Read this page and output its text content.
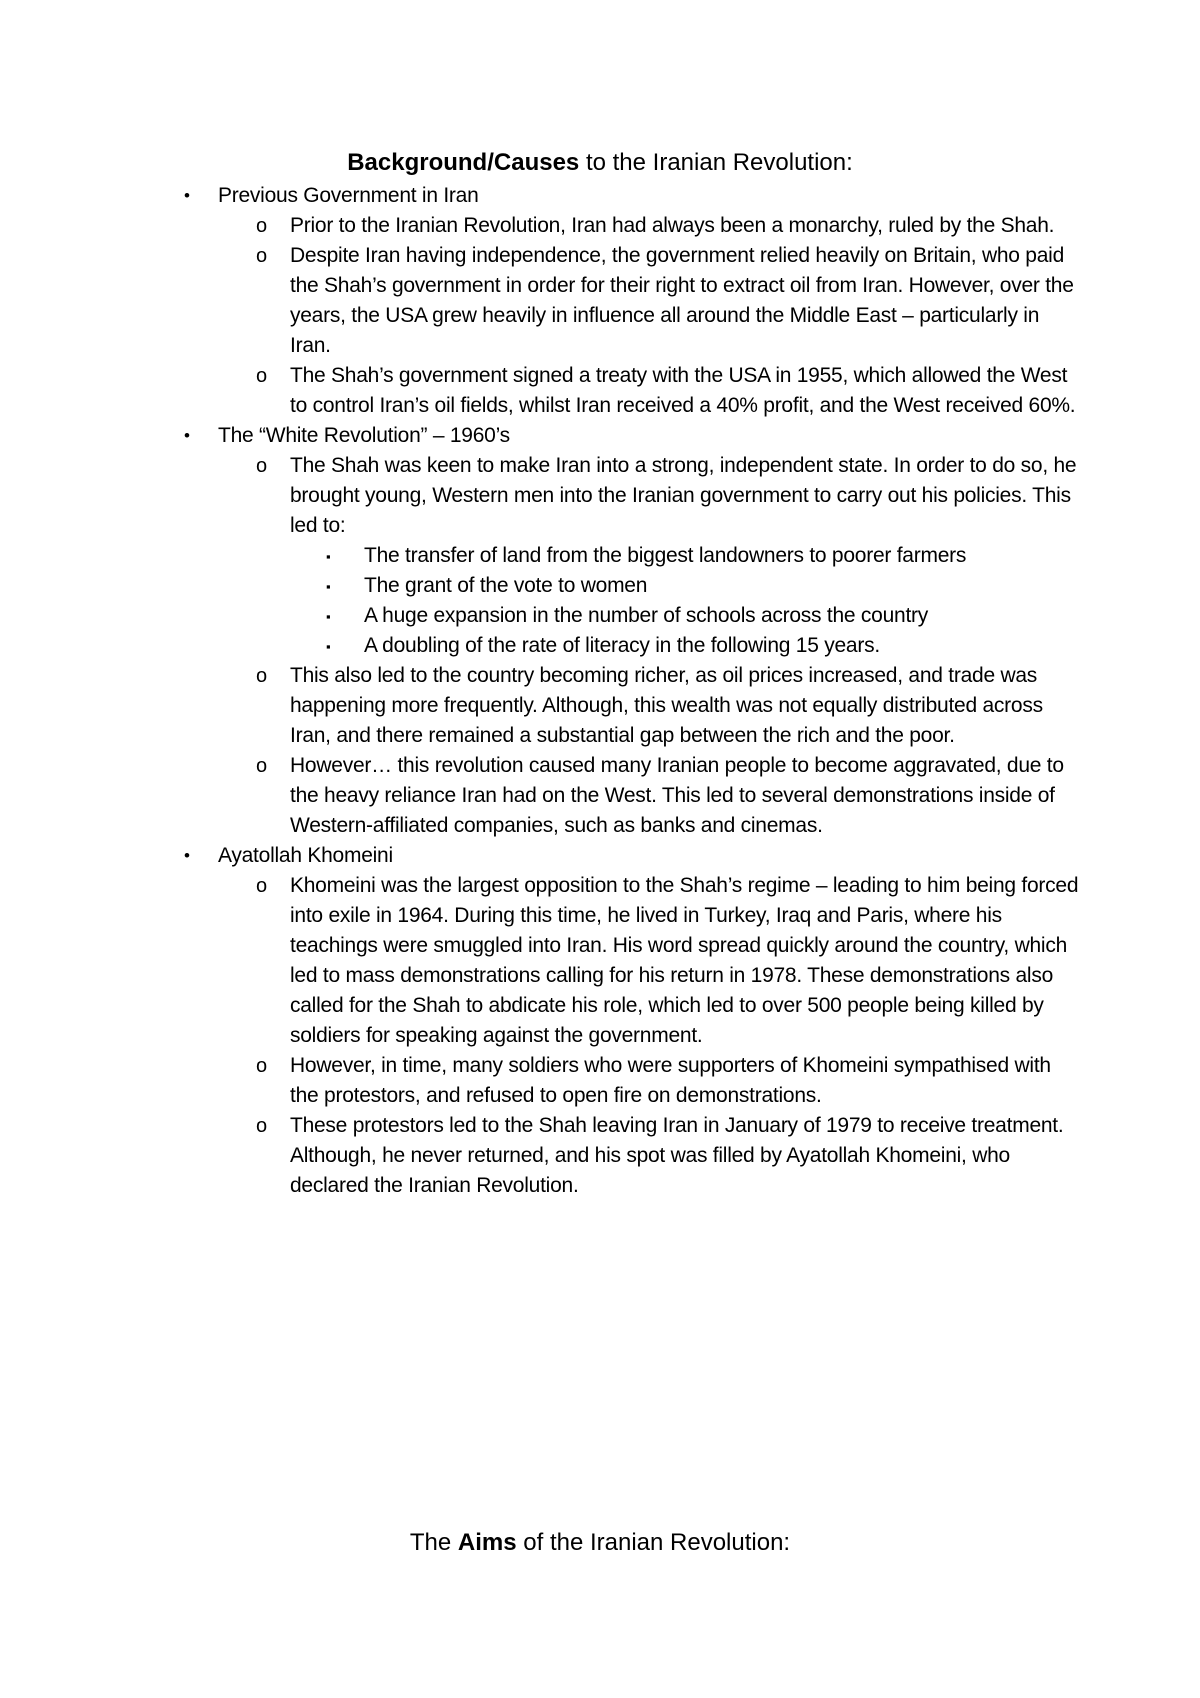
Background/Causes to the Iranian Revolution:
• Previous Government in Iran
o Prior to the Iranian Revolution, Iran had always been a monarchy, ruled by the Shah.
o Despite Iran having independence, the government relied heavily on Britain, who paid the Shah’s government in order for their right to extract oil from Iran. However, over the years, the USA grew heavily in influence all around the Middle East – particularly in Iran.
o The Shah’s government signed a treaty with the USA in 1955, which allowed the West to control Iran’s oil fields, whilst Iran received a 40% profit, and the West received 60%.
• The “White Revolution” – 1960’s
o The Shah was keen to make Iran into a strong, independent state. In order to do so, he brought young, Western men into the Iranian government to carry out his policies. This led to:
▪ The transfer of land from the biggest landowners to poorer farmers
▪ The grant of the vote to women
▪ A huge expansion in the number of schools across the country
▪ A doubling of the rate of literacy in the following 15 years.
o This also led to the country becoming richer, as oil prices increased, and trade was happening more frequently. Although, this wealth was not equally distributed across Iran, and there remained a substantial gap between the rich and the poor.
o However… this revolution caused many Iranian people to become aggravated, due to the heavy reliance Iran had on the West. This led to several demonstrations inside of Western-affiliated companies, such as banks and cinemas.
• Ayatollah Khomeini
o Khomeini was the largest opposition to the Shah’s regime – leading to him being forced into exile in 1964. During this time, he lived in Turkey, Iraq and Paris, where his teachings were smuggled into Iran. His word spread quickly around the country, which led to mass demonstrations calling for his return in 1978. These demonstrations also called for the Shah to abdicate his role, which led to over 500 people being killed by soldiers for speaking against the government.
o However, in time, many soldiers who were supporters of Khomeini sympathised with the protestors, and refused to open fire on demonstrations.
o These protestors led to the Shah leaving Iran in January of 1979 to receive treatment. Although, he never returned, and his spot was filled by Ayatollah Khomeini, who declared the Iranian Revolution.
The Aims of the Iranian Revolution:
